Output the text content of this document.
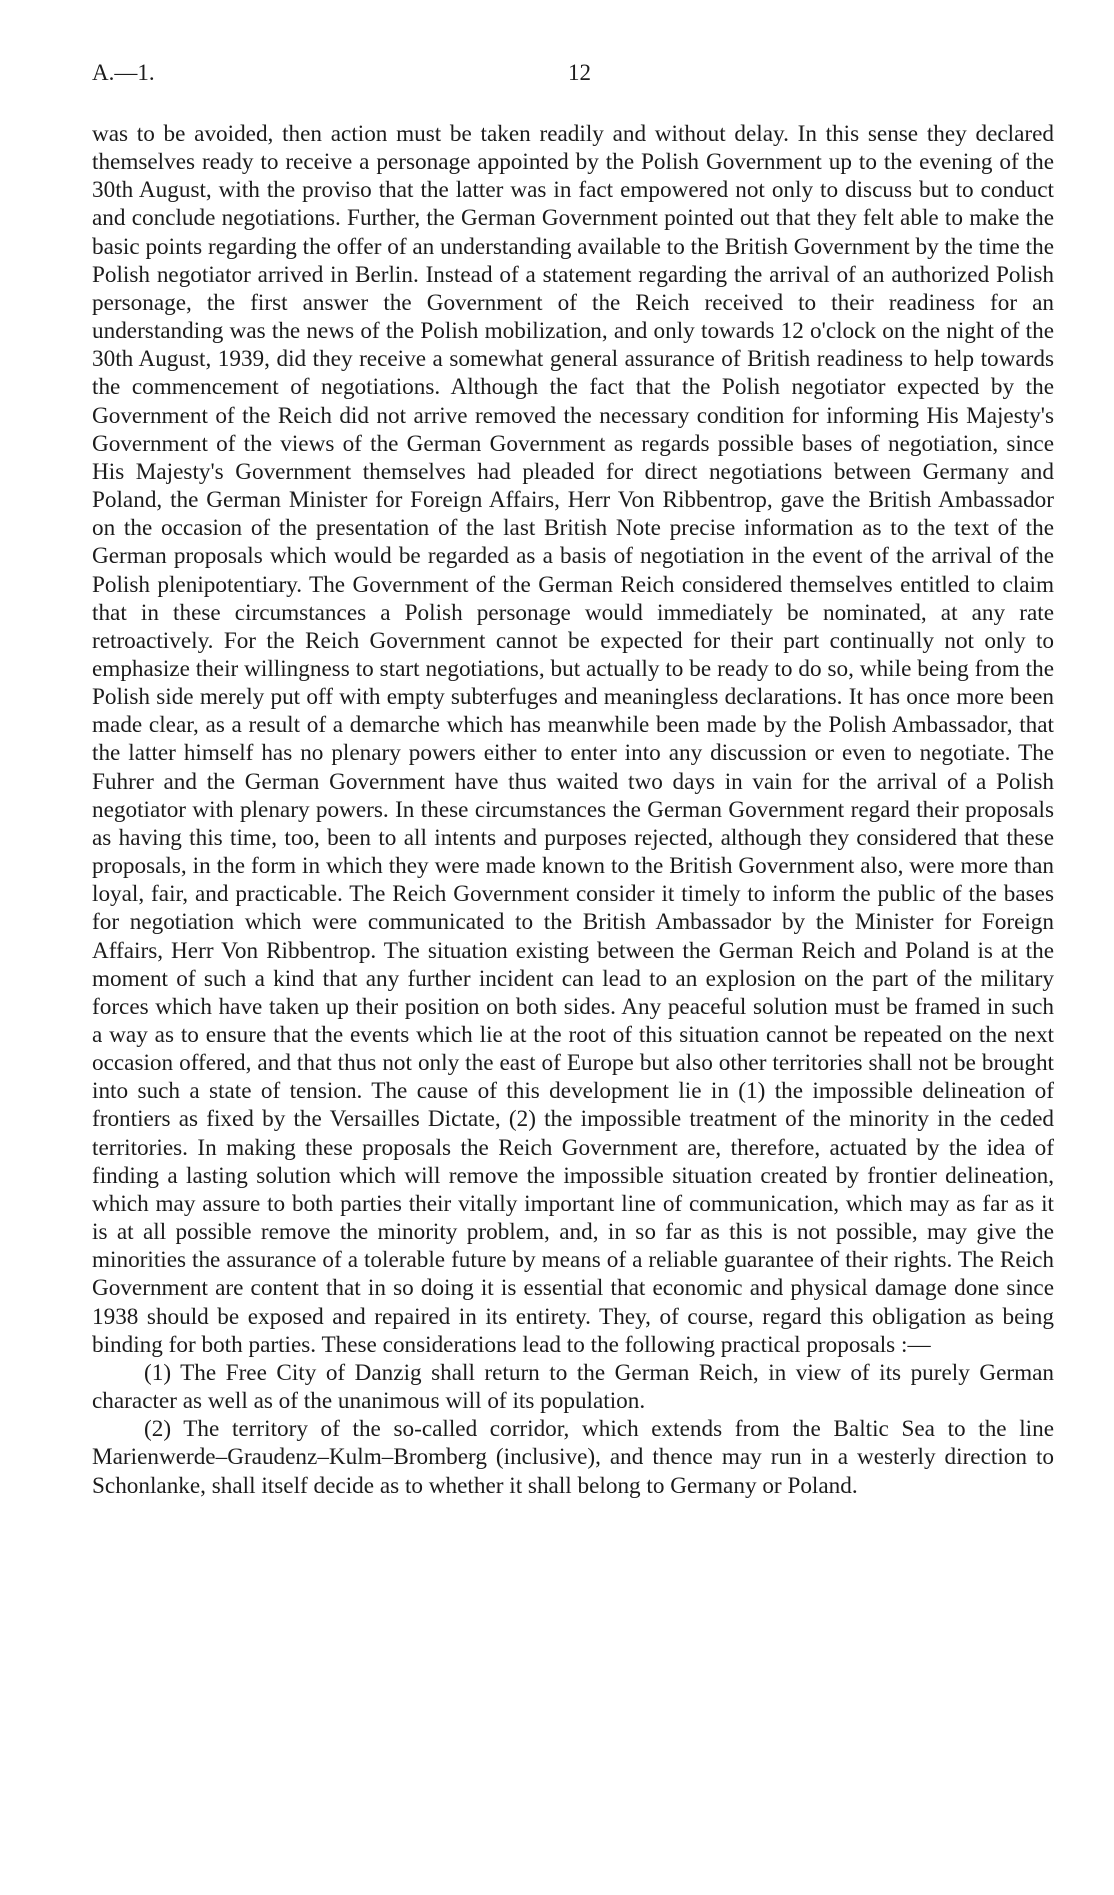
A.—1.	12

was to be avoided, then action must be taken readily and without delay. In this sense they declared themselves ready to receive a personage appointed by the Polish Government up to the evening of the 30th August, with the proviso that the latter was in fact empowered not only to discuss but to conduct and conclude negotiations. Further, the German Government pointed out that they felt able to make the basic points regarding the offer of an understanding available to the British Government by the time the Polish negotiator arrived in Berlin. Instead of a statement regarding the arrival of an authorized Polish personage, the first answer the Government of the Reich received to their readiness for an understanding was the news of the Polish mobilization, and only towards 12 o'clock on the night of the 30th August, 1939, did they receive a somewhat general assurance of British readiness to help towards the commencement of negotiations. Although the fact that the Polish negotiator expected by the Government of the Reich did not arrive removed the necessary condition for informing His Majesty's Government of the views of the German Government as regards possible bases of negotiation, since His Majesty's Government themselves had pleaded for direct negotiations between Germany and Poland, the German Minister for Foreign Affairs, Herr Von Ribbentrop, gave the British Ambassador on the occasion of the presentation of the last British Note precise information as to the text of the German proposals which would be regarded as a basis of negotiation in the event of the arrival of the Polish plenipotentiary. The Government of the German Reich considered themselves entitled to claim that in these circumstances a Polish personage would immediately be nominated, at any rate retroactively. For the Reich Government cannot be expected for their part continually not only to emphasize their willingness to start negotiations, but actually to be ready to do so, while being from the Polish side merely put off with empty subterfuges and meaningless declarations. It has once more been made clear, as a result of a demarche which has meanwhile been made by the Polish Ambassador, that the latter himself has no plenary powers either to enter into any discussion or even to negotiate. The Fuhrer and the German Government have thus waited two days in vain for the arrival of a Polish negotiator with plenary powers. In these circumstances the German Government regard their proposals as having this time, too, been to all intents and purposes rejected, although they considered that these proposals, in the form in which they were made known to the British Government also, were more than loyal, fair, and practicable. The Reich Government consider it timely to inform the public of the bases for negotiation which were communicated to the British Ambassador by the Minister for Foreign Affairs, Herr Von Ribbentrop. The situation existing between the German Reich and Poland is at the moment of such a kind that any further incident can lead to an explosion on the part of the military forces which have taken up their position on both sides. Any peaceful solution must be framed in such a way as to ensure that the events which lie at the root of this situation cannot be repeated on the next occasion offered, and that thus not only the east of Europe but also other territories shall not be brought into such a state of tension. The cause of this development lie in (1) the impossible delineation of frontiers as fixed by the Versailles Dictate, (2) the impossible treatment of the minority in the ceded territories. In making these proposals the Reich Government are, therefore, actuated by the idea of finding a lasting solution which will remove the impossible situation created by frontier delineation, which may assure to both parties their vitally important line of communication, which may as far as it is at all possible remove the minority problem, and, in so far as this is not possible, may give the minorities the assurance of a tolerable future by means of a reliable guarantee of their rights. The Reich Government are content that in so doing it is essential that economic and physical damage done since 1938 should be exposed and repaired in its entirety. They, of course, regard this obligation as being binding for both parties. These considerations lead to the following practical proposals :—

(1) The Free City of Danzig shall return to the German Reich, in view of its purely German character as well as of the unanimous will of its population.

(2) The territory of the so-called corridor, which extends from the Baltic Sea to the line Marienwerde–Graudenz–Kulm–Bromberg (inclusive), and thence may run in a westerly direction to Schonlanke, shall itself decide as to whether it shall belong to Germany or Poland.
